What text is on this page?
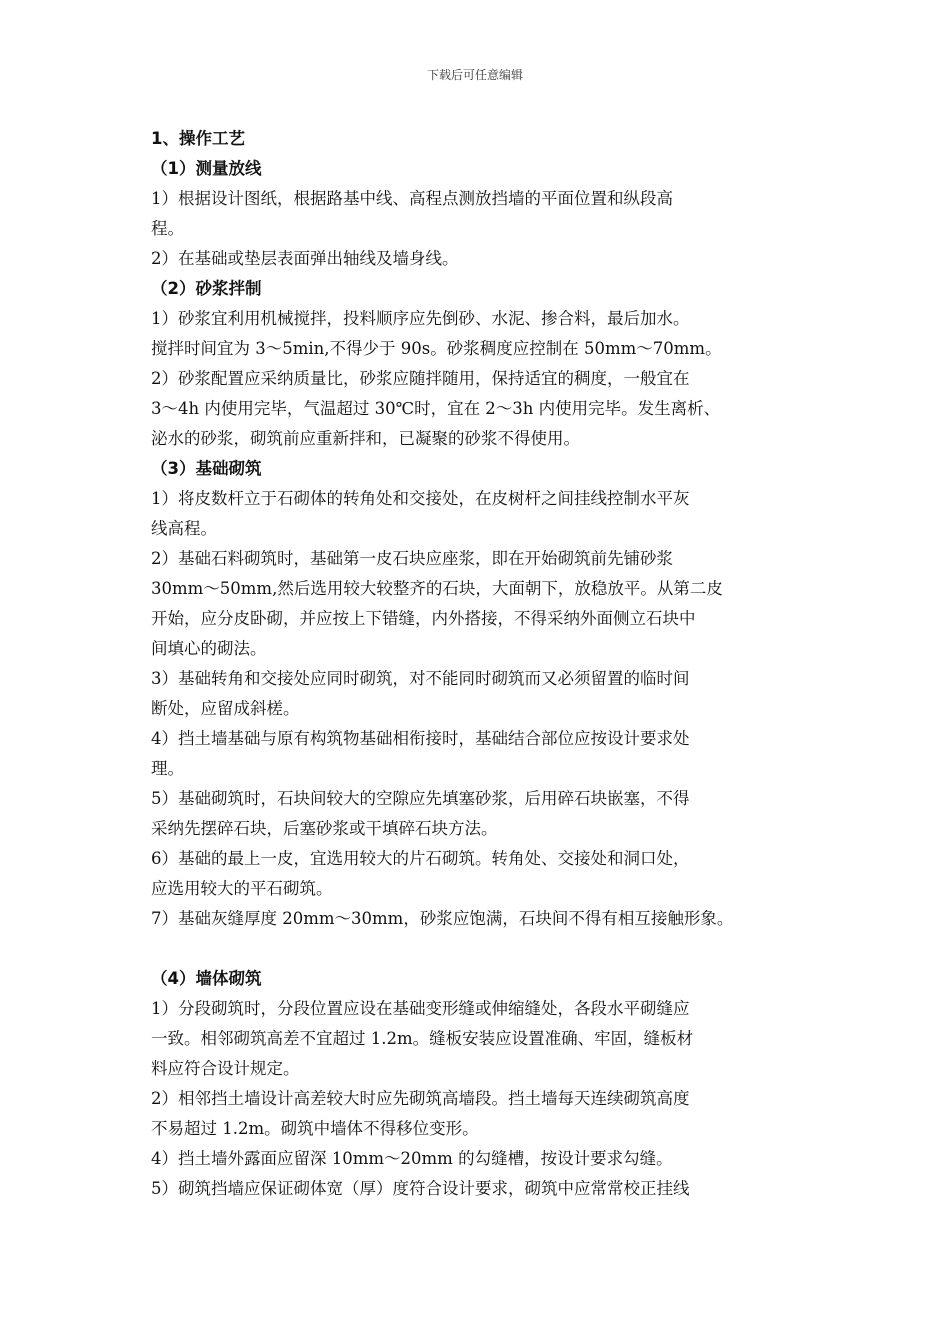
下载后可任意编辑
1、操作工艺
（1）测量放线
1）根据设计图纸，根据路基中线、高程点测放挡墙的平面位置和纵段高
程。
2）在基础或垫层表面弹出轴线及墙身线。
（2）砂浆拌制
1）砂浆宜利用机械搅拌，投料顺序应先倒砂、水泥、掺合料，最后加水。
搅拌时间宜为 3～5min,不得少于 90s。砂浆稠度应控制在 50mm～70mm。
2）砂浆配置应采纳质量比，砂浆应随拌随用，保持适宜的稠度，一般宜在
3～4h 内使用完毕，气温超过 30℃时，宜在 2～3h 内使用完毕。发生离析、
泌水的砂浆，砌筑前应重新拌和，已凝聚的砂浆不得使用。
（3）基础砌筑
1）将皮数杆立于石砌体的转角处和交接处，在皮树杆之间挂线控制水平灰
线高程。
2）基础石料砌筑时，基础第一皮石块应座浆，即在开始砌筑前先铺砂浆
30mm～50mm,然后选用较大较整齐的石块，大面朝下，放稳放平。从第二皮
开始，应分皮卧砌，并应按上下错缝，内外搭接，不得采纳外面侧立石块中
间填心的砌法。
3）基础转角和交接处应同时砌筑，对不能同时砌筑而又必须留置的临时间
断处，应留成斜槎。
4）挡土墙基础与原有构筑物基础相衔接时，基础结合部位应按设计要求处
理。
5）基础砌筑时，石块间较大的空隙应先填塞砂浆，后用碎石块嵌塞，不得
采纳先摆碎石块，后塞砂浆或干填碎石块方法。
6）基础的最上一皮，宜选用较大的片石砌筑。转角处、交接处和洞口处，
应选用较大的平石砌筑。
7）基础灰缝厚度 20mm～30mm，砂浆应饱满，石块间不得有相互接触形象。
（4）墙体砌筑
1）分段砌筑时，分段位置应设在基础变形缝或伸缩缝处，各段水平砌缝应
一致。相邻砌筑高差不宜超过 1.2m。缝板安装应设置准确、牢固，缝板材
料应符合设计规定。
2）相邻挡土墙设计高差较大时应先砌筑高墙段。挡土墙每天连续砌筑高度
不易超过 1.2m。砌筑中墙体不得移位变形。
4）挡土墙外露面应留深 10mm～20mm 的勾缝槽，按设计要求勾缝。
5）砌筑挡墙应保证砌体宽（厚）度符合设计要求，砌筑中应常常校正挂线
